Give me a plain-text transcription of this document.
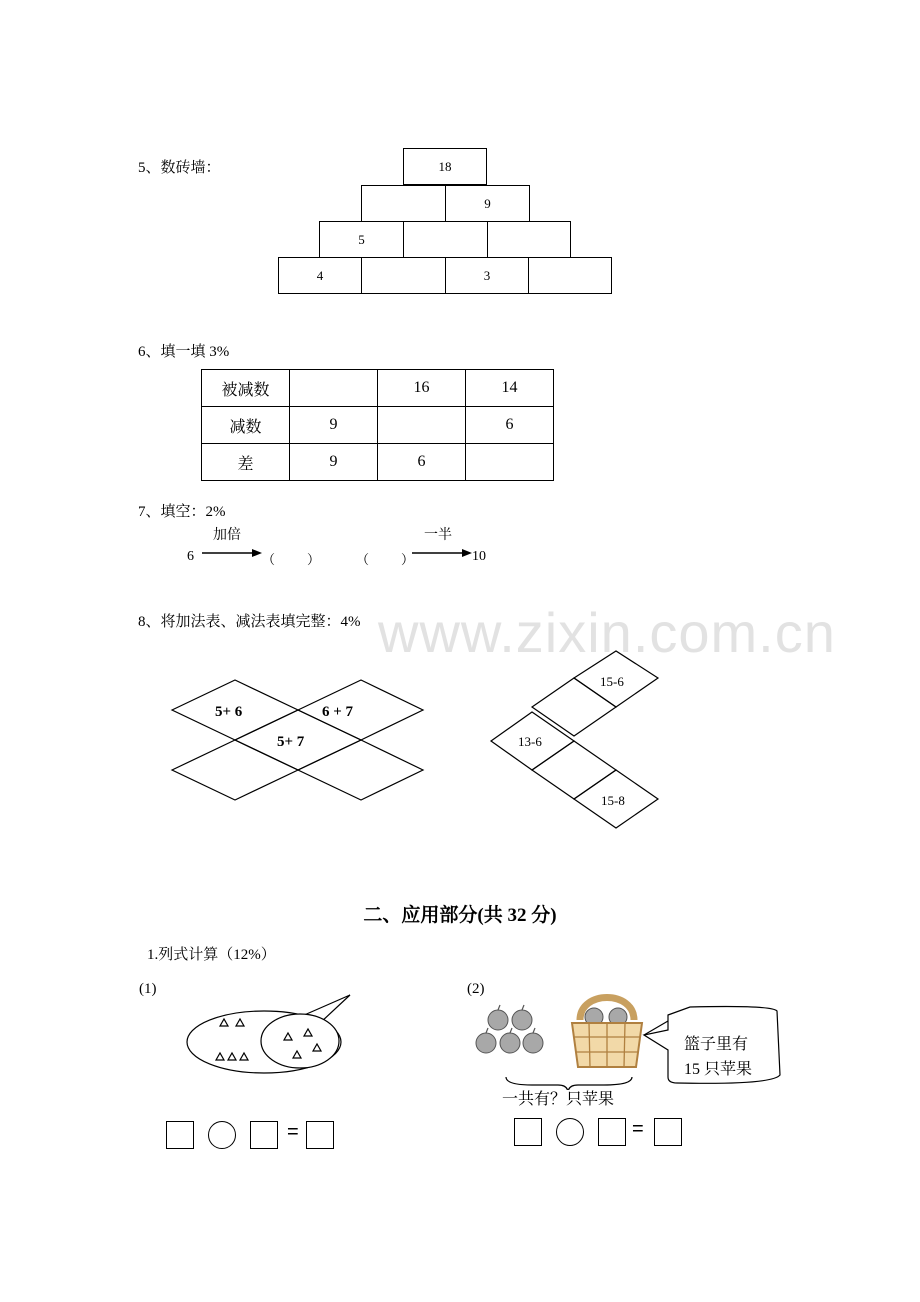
www.zixin.com.cn
5、数砖墙：	18
9
5
4	3
6、填一填 3%
被减数		16	14
减数	9		6
差	9	6	
7、填空：2%
加倍	一半
6	（　　）	（　　）	10
8、将加法表、减法表填完整：4%
5+ 6	6 + 7
5+ 7
15-6
13-6
15-8
二、应用部分(共 32 分)
1.列式计算（12%）
(1)	(2)
篮子里有
15 只苹果
一共有？只苹果
=	=
